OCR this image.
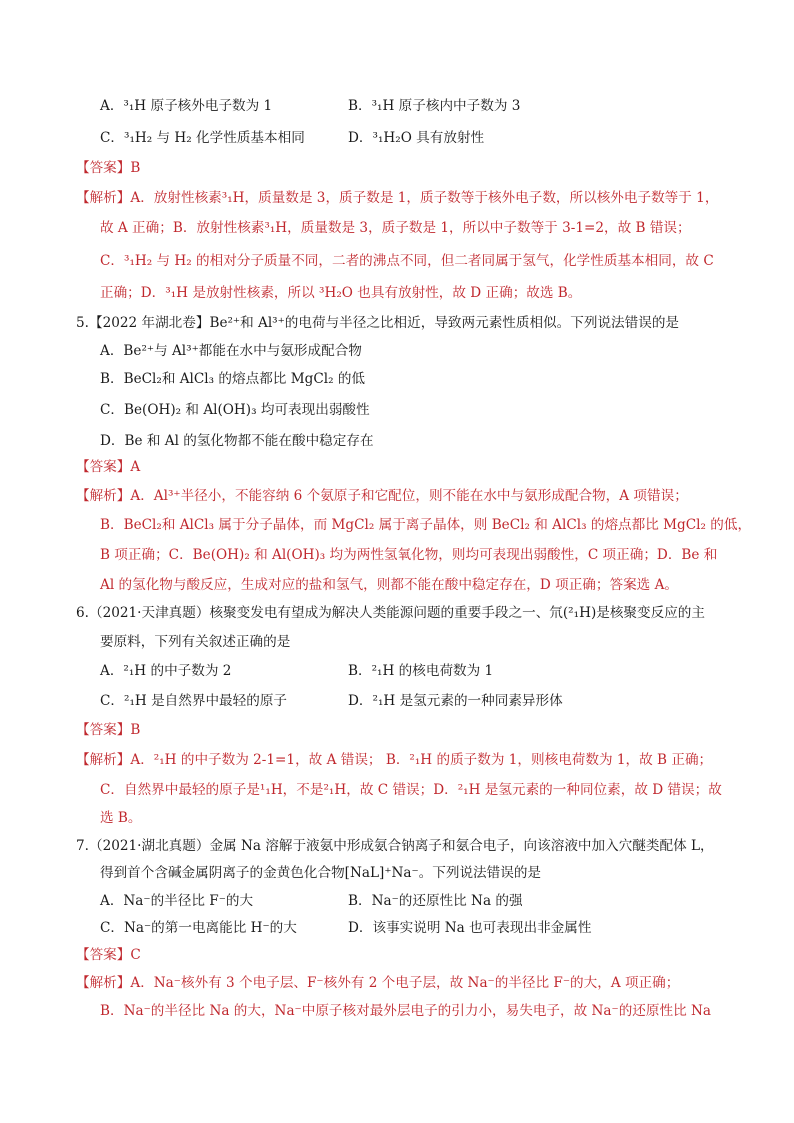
A．³₁H 原子核外电子数为 1	B．³₁H 原子核内中子数为 3
C．³₁H₂ 与 H₂ 化学性质基本相同	D．³₁H₂O 具有放射性
【答案】B
【解析】A．放射性核素³₁H，质量数是 3，质子数是 1，质子数等于核外电子数，所以核外电子数等于 1，
故 A 正确；B．放射性核素³₁H，质量数是 3，质子数是 1，所以中子数等于 3-1=2，故 B 错误；
C．³₁H₂ 与 H₂ 的相对分子质量不同，二者的沸点不同，但二者同属于氢气，化学性质基本相同，故 C
正确；D．³₁H 是放射性核素，所以 ³H₂O 也具有放射性，故 D 正确；故选 B。
5.【2022 年湖北卷】Be²⁺和 Al³⁺的电荷与半径之比相近，导致两元素性质相似。下列说法错误的是
A．Be²⁺与 Al³⁺都能在水中与氨形成配合物
B．BeCl₂和 AlCl₃ 的熔点都比 MgCl₂ 的低
C．Be(OH)₂ 和 Al(OH)₃ 均可表现出弱酸性
D．Be 和 Al 的氢化物都不能在酸中稳定存在
【答案】A
【解析】A．Al³⁺半径小，不能容纳 6 个氨原子和它配位，则不能在水中与氨形成配合物，A 项错误；
B．BeCl₂和 AlCl₃ 属于分子晶体，而 MgCl₂ 属于离子晶体，则 BeCl₂ 和 AlCl₃ 的熔点都比 MgCl₂ 的低，
B 项正确；C．Be(OH)₂ 和 Al(OH)₃ 均为两性氢氧化物，则均可表现出弱酸性，C 项正确；D．Be 和
Al 的氢化物与酸反应，生成对应的盐和氢气，则都不能在酸中稳定存在，D 项正确；答案选 A。
6.（2021·天津真题）核聚变发电有望成为解决人类能源问题的重要手段之一、氘(²₁H)是核聚变反应的主
要原料，下列有关叙述正确的是
A．²₁H 的中子数为 2	B．²₁H 的核电荷数为 1
C．²₁H 是自然界中最轻的原子	D．²₁H 是氢元素的一种同素异形体
【答案】B
【解析】A．²₁H 的中子数为 2-1=1，故 A 错误； B．²₁H 的质子数为 1，则核电荷数为 1，故 B 正确；
C．自然界中最轻的原子是¹₁H，不是²₁H，故 C 错误；D．²₁H 是氢元素的一种同位素，故 D 错误；故
选 B。
7.（2021·湖北真题）金属 Na 溶解于液氨中形成氨合钠离子和氨合电子，向该溶液中加入穴醚类配体 L，
得到首个含碱金属阴离子的金黄色化合物[NaL]⁺Na⁻。下列说法错误的是
A．Na⁻的半径比 F⁻的大	B．Na⁻的还原性比 Na 的强
C．Na⁻的第一电离能比 H⁻的大	D．该事实说明 Na 也可表现出非金属性
【答案】C
【解析】A．Na⁻核外有 3 个电子层、F⁻核外有 2 个电子层，故 Na⁻的半径比 F⁻的大，A 项正确；
B．Na⁻的半径比 Na 的大，Na⁻中原子核对最外层电子的引力小，易失电子，故 Na⁻的还原性比 Na
